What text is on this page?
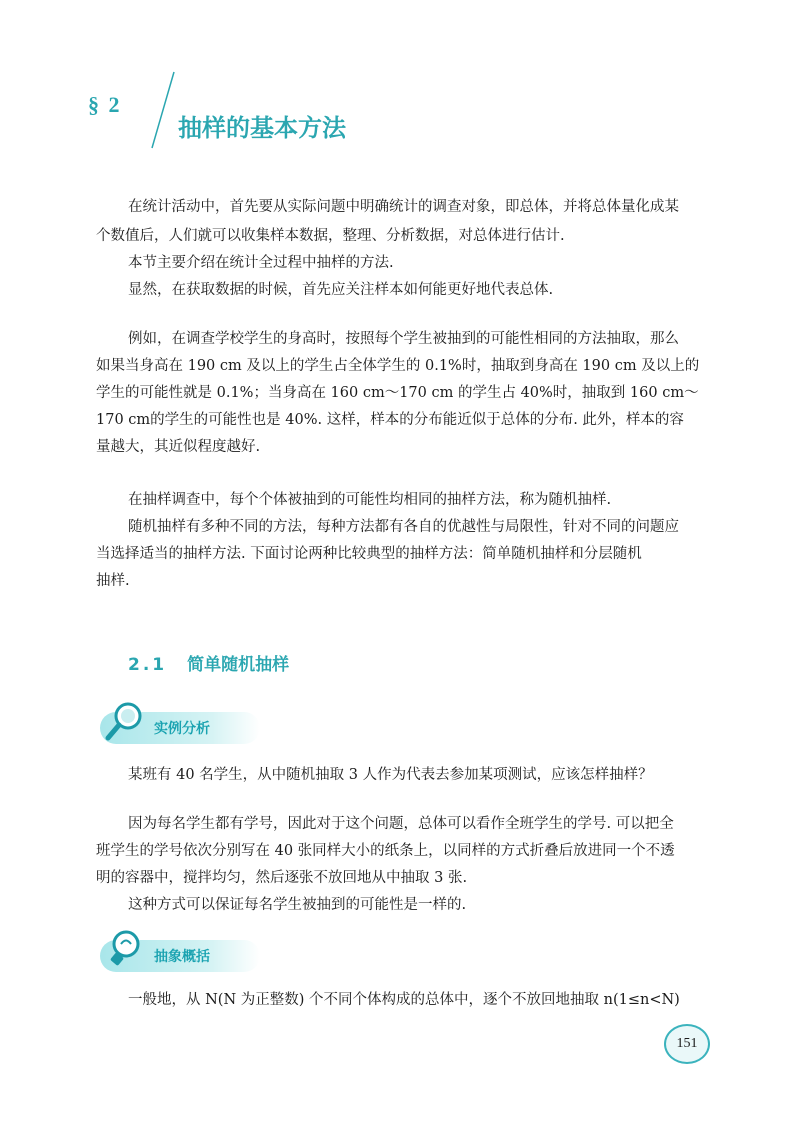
§ 2
抽样的基本方法

在统计活动中，首先要从实际问题中明确统计的调查对象，即总体，并将总体量化成某

个数值后，人们就可以收集样本数据，整理、分析数据，对总体进行估计.

本节主要介绍在统计全过程中抽样的方法.

显然，在获取数据的时候，首先应关注样本如何能更好地代表总体.

例如，在调查学校学生的身高时，按照每个学生被抽到的可能性相同的方法抽取，那么

如果当身高在 190 cm 及以上的学生占全体学生的 0.1%时，抽取到身高在 190 cm 及以上的

学生的可能性就是 0.1%；当身高在 160 cm～170 cm 的学生占 40%时，抽取到 160 cm～

170 cm的学生的可能性也是 40%. 这样，样本的分布能近似于总体的分布. 此外，样本的容

量越大，其近似程度越好.

在抽样调查中，每个个体被抽到的可能性均相同的抽样方法，称为随机抽样.

随机抽样有多种不同的方法，每种方法都有各自的优越性与局限性，针对不同的问题应

当选择适当的抽样方法. 下面讨论两种比较典型的抽样方法：简单随机抽样和分层随机

抽样.

2.1 简单随机抽样
实例分析

某班有 40 名学生，从中随机抽取 3 人作为代表去参加某项测试，应该怎样抽样？

因为每名学生都有学号，因此对于这个问题，总体可以看作全班学生的学号. 可以把全

班学生的学号依次分别写在 40 张同样大小的纸条上，以同样的方式折叠后放进同一个不透

明的容器中，搅拌均匀，然后逐张不放回地从中抽取 3 张.

这种方式可以保证每名学生被抽到的可能性是一样的.

抽象概括

一般地，从 N(N 为正整数) 个不同个体构成的总体中，逐个不放回地抽取 n(1≤n<N)

151
